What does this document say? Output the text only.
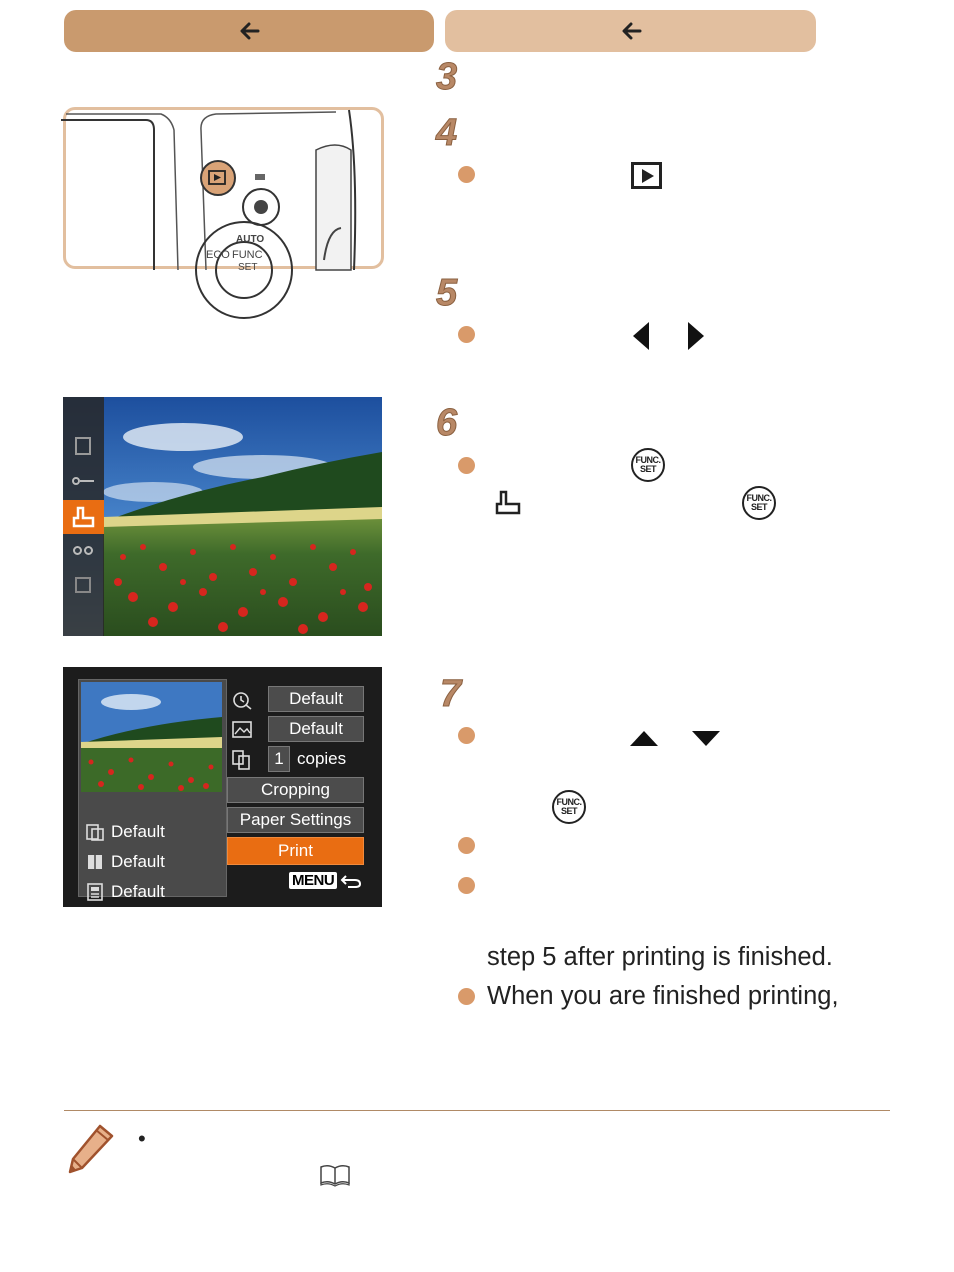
ECO FUNC
SET
AUTO
3
4
5
6
FUNC.
SET
FUNC.
SET
Default
Default
Default
Default
Default
1 copies
Cropping
Paper Settings
Print
MENU
7
FUNC.
SET
step 5 after printing is finished.
When you are finished printing,
•
